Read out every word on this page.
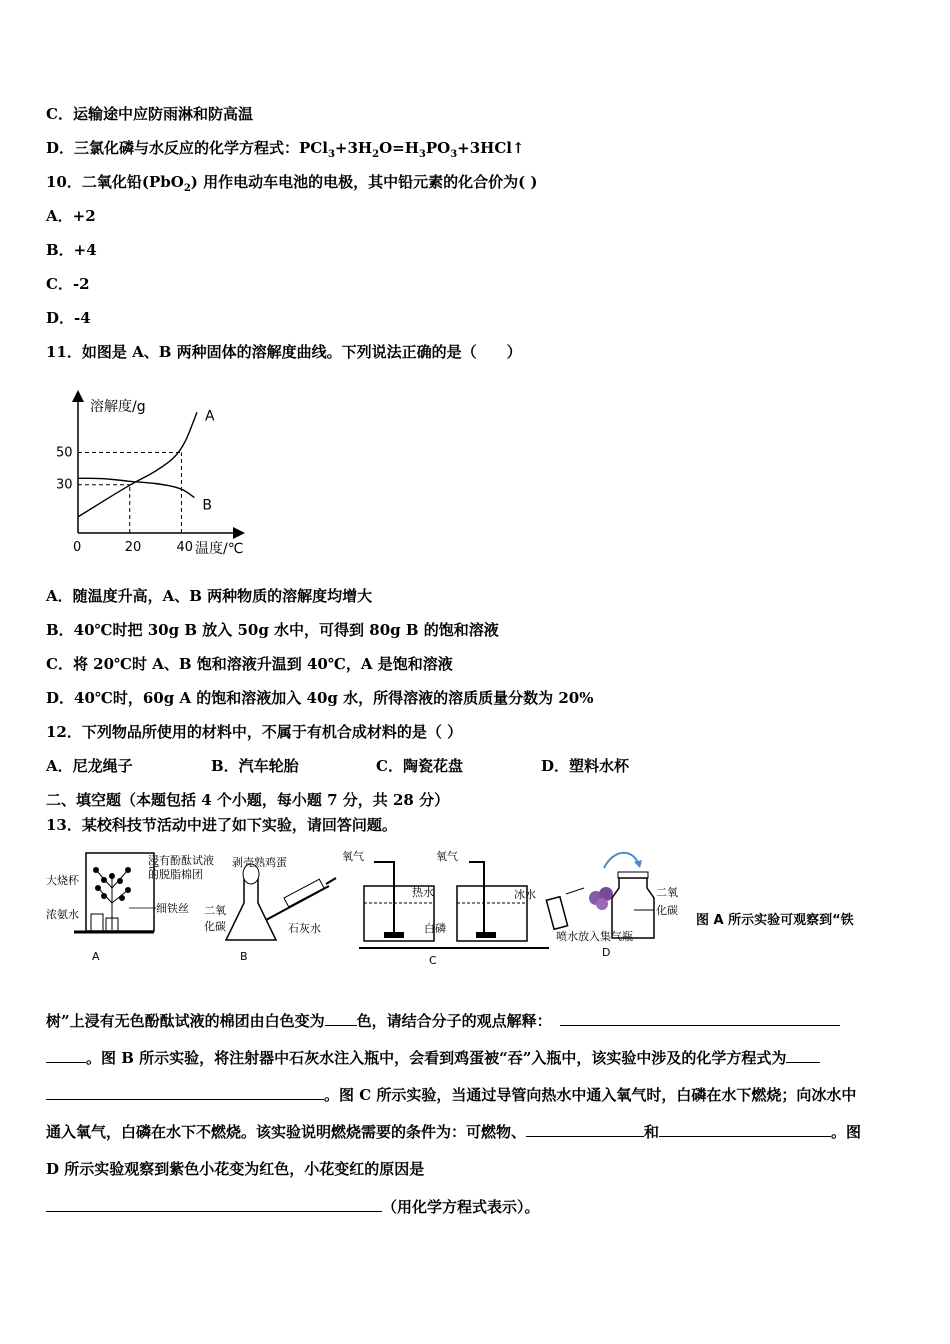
C．运输途中应防雨淋和防高温
D．三氯化磷与水反应的化学方程式：$PCl_3+3H_2O=H_3PO_3+3HCl↑$
10．二氧化铅(PbO$_2$) 用作电动车电池的电极，其中铅元素的化合价为( )
A．+2
B．+4
C．-2
D．-4
11．如图是 A、B 两种固体的溶解度曲线。下列说法正确的是（　　）
溶解度/g
温度/℃
0	20	40
30
50
A
B
A．随温度升高，A、B 两种物质的溶解度均增大
B．40℃时把 30g B 放入 50g 水中，可得到 80g B 的饱和溶液
C．将 20℃时 A、B 饱和溶液升温到 40℃，A 是饱和溶液
D．40℃时，60g A 的饱和溶液加入 40g 水，所得溶液的溶质质量分数为 20%
12．下列物品所使用的材料中，不属于有机合成材料的是（ ）
A．尼龙绳子	B．汽车轮胎	C．陶瓷花盘	D．塑料水杯
二、填空题（本题包括 4 个小题，每小题 7 分，共 28 分）
13．某校科技节活动中进了如下实验，请回答问题。
大烧杯
浸有酚酞试液
的脱脂棉团
细铁丝
浓氨水
A
剥壳熟鸡蛋
二氧
化碳	石灰水
B
氧气	氧气
热水	冰水
白磷
C
二氧
化碳
喷水放入集气瓶
D
图 A 所示实验可观察到“铁
树”上浸有无色酚酞试液的棉团由白色变为 色，请结合分子的观点解释：
。图 B 所示实验，将注射器中石灰水注入瓶中，会看到鸡蛋被“吞”入瓶中，该实验中涉及的化学方程式为
。图 C 所示实验，当通过导管向热水中通入氧气时，白磷在水下燃烧；向冰水中
通入氧气，白磷在水下不燃烧。该实验说明燃烧需要的条件为：可燃物、	和	。图
D 所示实验观察到紫色小花变为红色，小花变红的原因是
（用化学方程式表示）。
